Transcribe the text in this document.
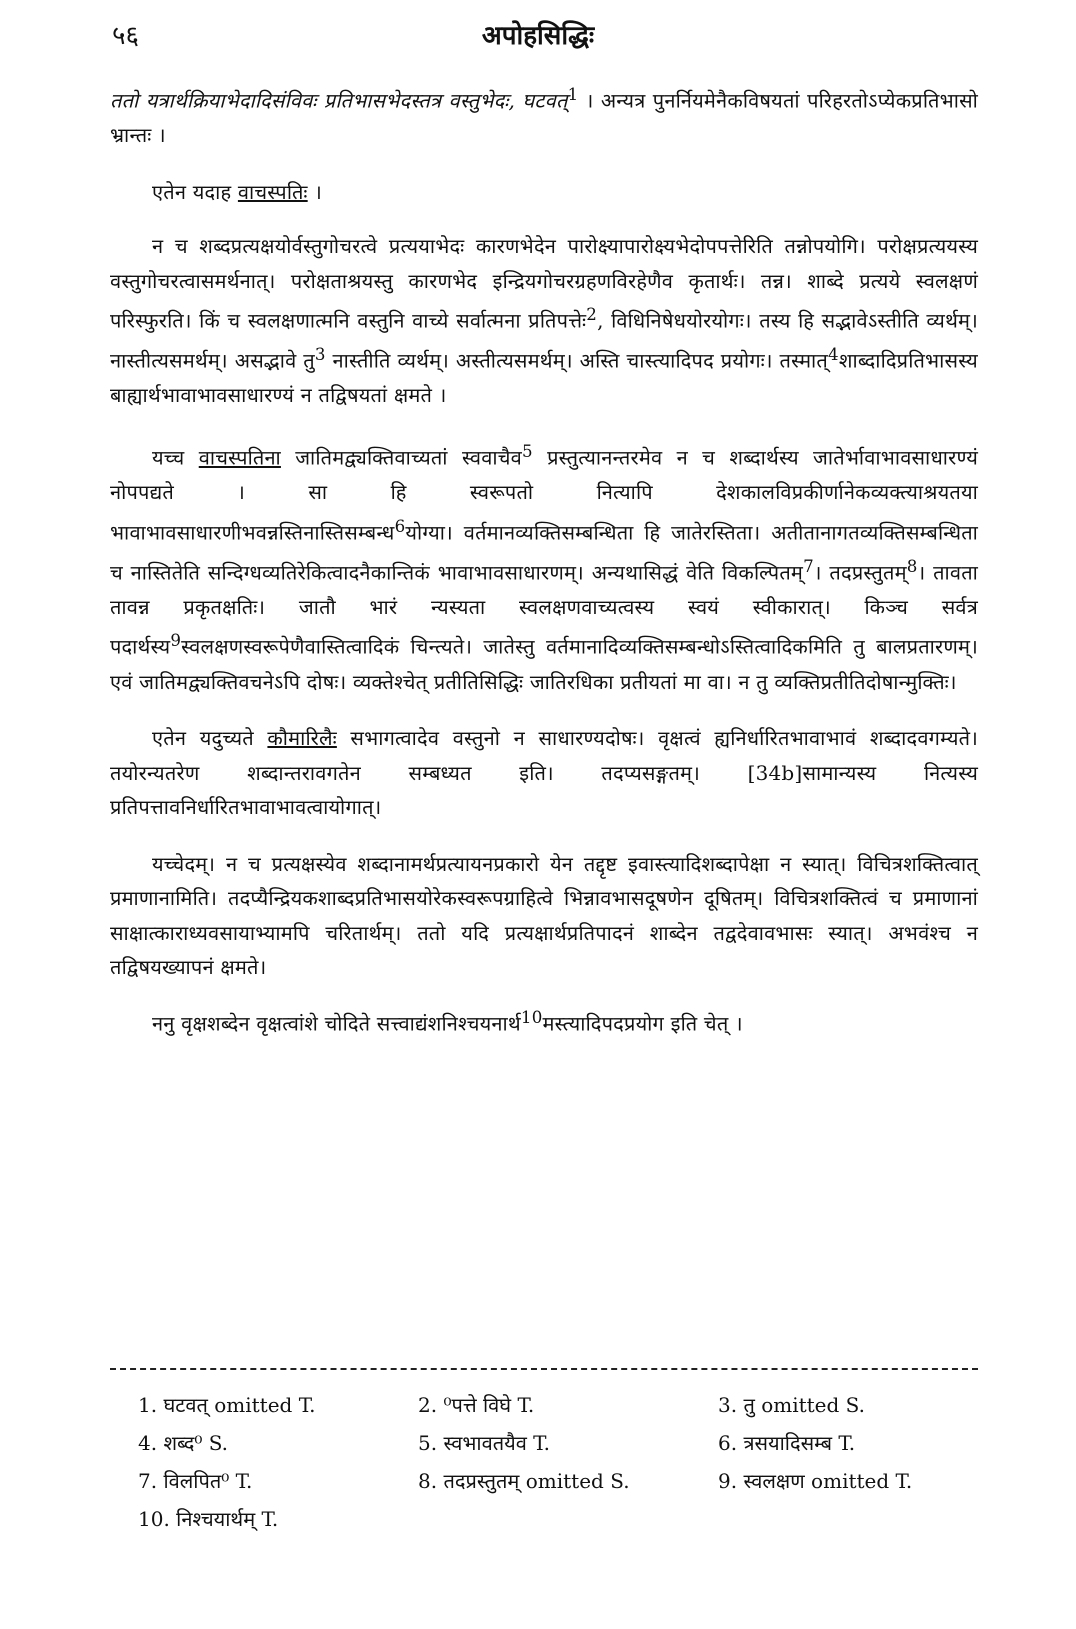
५६	अपोहसिद्धिः

ततो यत्रार्थक्रियाभेदादिसंविवः प्रतिभासभेदस्तत्र वस्तुभेदः, घटवत्$^1$ । अन्यत्र पुनर्नियमेनैकविषयतां परिहरतोऽप्येकप्रतिभासो भ्रान्तः ।

एतेन यदाह वाचस्पतिः ।

न च शब्दप्रत्यक्षयोर्वस्तुगोचरत्वे प्रत्ययाभेदः कारणभेदेन पारोक्ष्यापारोक्ष्यभेदोपपत्तेरिति तन्नोपयोगि। परोक्षप्रत्ययस्य वस्तुगोचरत्वासमर्थनात्। परोक्षताश्रयस्तु कारणभेद इन्द्रियगोचरग्रहणविरहेणैव कृतार्थः। तन्न। शाब्दे प्रत्यये स्वलक्षणं परिस्फुरति। किं च स्वलक्षणात्मनि वस्तुनि वाच्ये सर्वात्मना प्रतिपत्तेः$^2$, विधिनिषेधयोरयोगः। तस्य हि सद्भावेऽस्तीति व्यर्थम्। नास्तीत्यसमर्थम्। असद्भावे तु$^3$ नास्तीति व्यर्थम्। अस्तीत्यसमर्थम्। अस्ति चास्त्यादिपद प्रयोगः। तस्मात्$^4$शाब्दादिप्रतिभासस्य बाह्यार्थभावाभावसाधारण्यं न तद्विषयतां क्षमते ।

यच्च वाचस्पतिना जातिमद्व्यक्तिवाच्यतां स्ववाचैव$^5$ प्रस्तुत्यानन्तरमेव न च शब्दार्थस्य जातेर्भावाभावसाधारण्यं नोपपद्यते । सा हि स्वरूपतो नित्यापि देशकालविप्रकीर्णानेकव्यक्त्याश्रयतया भावाभावसाधारणीभवन्नस्तिनास्तिसम्बन्ध$^6$योग्या। वर्तमानव्यक्तिसम्बन्धिता हि जातेरस्तिता। अतीतानागतव्यक्तिसम्बन्धिता च नास्तितेति सन्दिग्धव्यतिरेकित्वादनैकान्तिकं भावाभावसाधारणम्। अन्यथासिद्धं वेति विकल्पितम्$^7$। तदप्रस्तुतम्$^8$। तावता तावन्न प्रकृतक्षतिः। जातौ भारं न्यस्यता स्वलक्षणवाच्यत्वस्य स्वयं स्वीकारात्। किञ्च सर्वत्र पदार्थस्य$^9$स्वलक्षणस्वरूपेणैवास्तित्वादिकं चिन्त्यते। जातेस्तु वर्तमानादिव्यक्तिसम्बन्धोऽस्तित्वादिकमिति तु बालप्रतारणम्। एवं जातिमद्व्यक्तिवचनेऽपि दोषः। व्यक्तेश्चेत् प्रतीतिसिद्धिः जातिरधिका प्रतीयतां मा वा। न तु व्यक्तिप्रतीतिदोषान्मुक्तिः।

एतेन यदुच्यते कौमारिलैः सभागत्वादेव वस्तुनो न साधारण्यदोषः। वृक्षत्वं ह्यनिर्धारितभावाभावं शब्दादवगम्यते। तयोरन्यतरेण शब्दान्तरावगतेन सम्बध्यत इति। तदप्यसङ्गतम्। [34b]सामान्यस्य नित्यस्य प्रतिपत्तावनिर्धारितभावाभावत्वायोगात्।

यच्चेदम्। न च प्रत्यक्षस्येव शब्दानामर्थप्रत्यायनप्रकारो येन तद्दृष्ट इवास्त्यादिशब्दापेक्षा न स्यात्। विचित्रशक्तित्वात् प्रमाणानामिति। तदप्यैन्द्रियकशाब्दप्रतिभासयोरेकस्वरूपग्राहित्वे भिन्नावभासदूषणेन दूषितम्। विचित्रशक्तित्वं च प्रमाणानां साक्षात्काराध्यवसायाभ्यामपि चरितार्थम्। ततो यदि प्रत्यक्षार्थप्रतिपादनं शाब्देन तद्वदेवावभासः स्यात्। अभवंश्च न तद्विषयख्यापनं क्षमते।

ननु वृक्षशब्देन वृक्षत्वांशे चोदिते सत्त्वाद्यंशनिश्चयनार्थ$^{10}$मस्त्यादिपदप्रयोग इति चेत् ।

1. घटवत् omitted T.	2. ⁰पत्ते विघे T.	3. तु omitted S.
4. शब्द⁰ S.	5. स्वभावतयैव T.	6. त्रसयादिसम्ब T.
7. विलपित⁰ T.	8. तदप्रस्तुतम् omitted S.	9. स्वलक्षण omitted T.
10. निश्चयार्थम् T.
